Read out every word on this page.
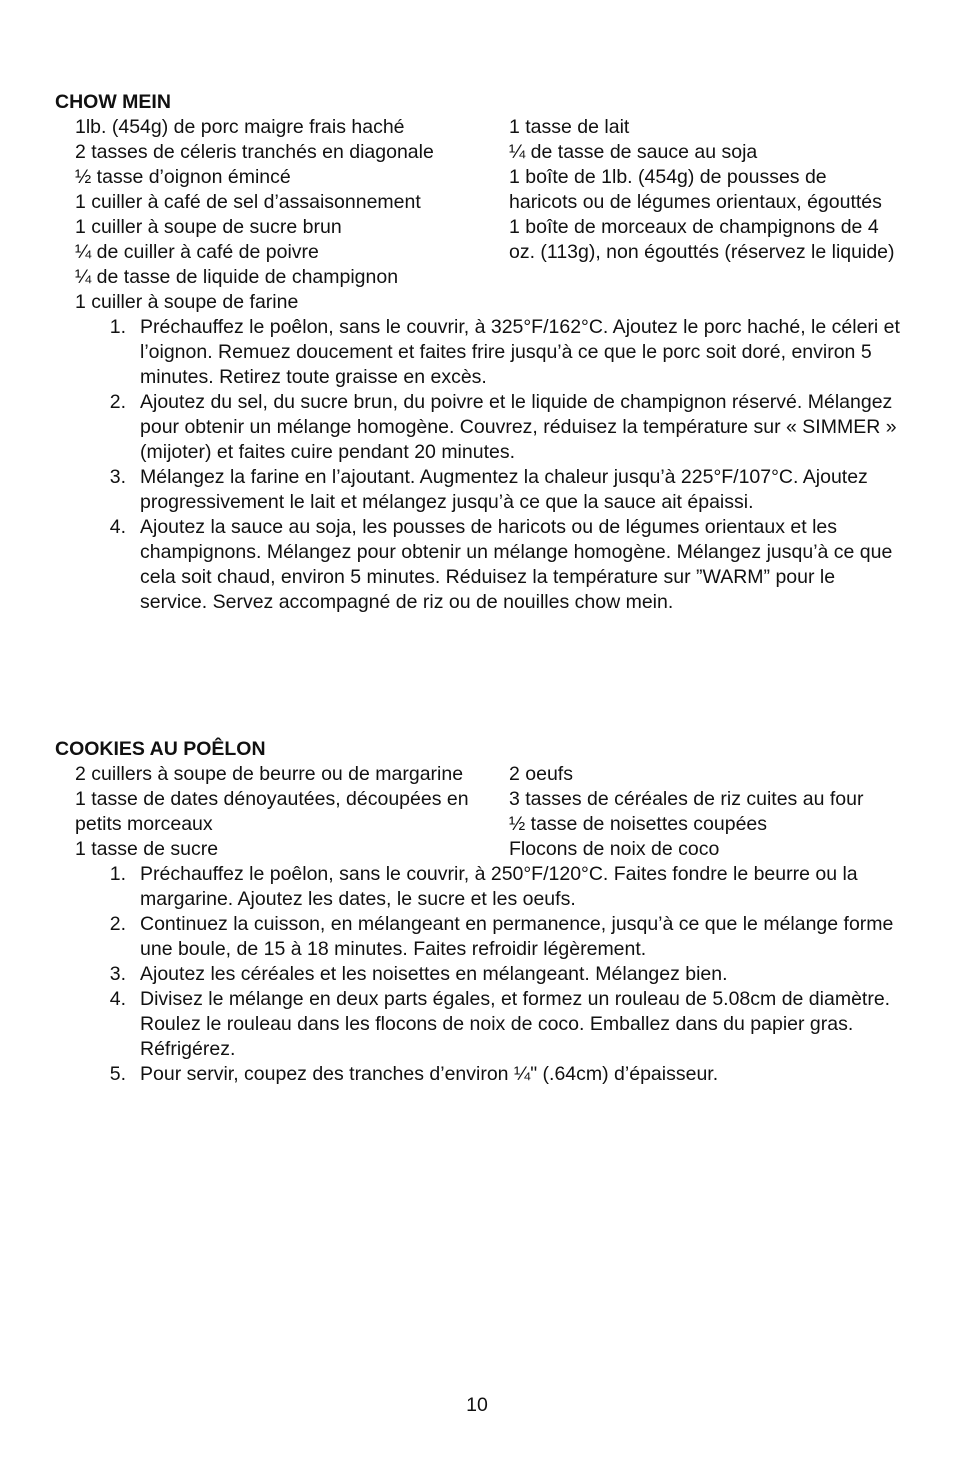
CHOW MEIN
1lb. (454g) de porc maigre frais haché
2 tasses de céleris tranchés en diagonale
½ tasse d’oignon émincé
1 cuiller à café de sel d’assaisonnement
1 cuiller à soupe de sucre brun
¼ de cuiller à café de poivre
¼ de tasse de liquide de champignon
1 cuiller à soupe de farine
1 tasse de lait
¼ de tasse de sauce au soja
1 boîte de 1lb. (454g) de pousses de haricots ou de légumes orientaux, égouttés
1 boîte de morceaux de champignons de 4 oz. (113g), non égouttés (réservez le liquide)
1. Préchauffez le poêlon, sans le couvrir, à 325°F/162°C. Ajoutez le porc haché, le céleri et l’oignon. Remuez doucement et faites frire jusqu’à ce que le porc soit doré, environ 5 minutes. Retirez toute graisse en excès.
2. Ajoutez du sel, du sucre brun, du poivre et le liquide de champignon réservé. Mélangez pour obtenir un mélange homogène. Couvrez, réduisez la température sur « SIMMER » (mijoter) et faites cuire pendant 20 minutes.
3. Mélangez la farine en l’ajoutant. Augmentez la chaleur jusqu’à 225°F/107°C. Ajoutez progressivement le lait et mélangez jusqu’à ce que la sauce ait épaissi.
4. Ajoutez la sauce au soja, les pousses de haricots ou de légumes orientaux et les champignons. Mélangez pour obtenir un mélange homogène. Mélangez jusqu’à ce que cela soit chaud, environ 5 minutes. Réduisez la température sur ”WARM” pour le service. Servez accompagné de riz ou de nouilles chow mein.
COOKIES AU POÊLON
2 cuillers à soupe de beurre ou de margarine
1 tasse de dates dénoyautées, découpées en petits morceaux
1 tasse de sucre
2 oeufs
3 tasses de céréales de riz cuites au four
½ tasse de noisettes coupées
Flocons de noix de coco
1. Préchauffez le poêlon, sans le couvrir, à 250°F/120°C. Faites fondre le beurre ou la margarine. Ajoutez les dates, le sucre et les oeufs.
2. Continuez la cuisson, en mélangeant en permanence, jusqu’à ce que le mélange forme une boule, de 15 à 18 minutes. Faites refroidir légèrement.
3. Ajoutez les céréales et les noisettes en mélangeant. Mélangez bien.
4. Divisez le mélange en deux parts égales, et formez un rouleau de 5.08cm de diamètre. Roulez le rouleau dans les flocons de noix de coco. Emballez dans du papier gras. Réfrigérez.
5. Pour servir, coupez des tranches d’environ ¼" (.64cm) d’épaisseur.
10
